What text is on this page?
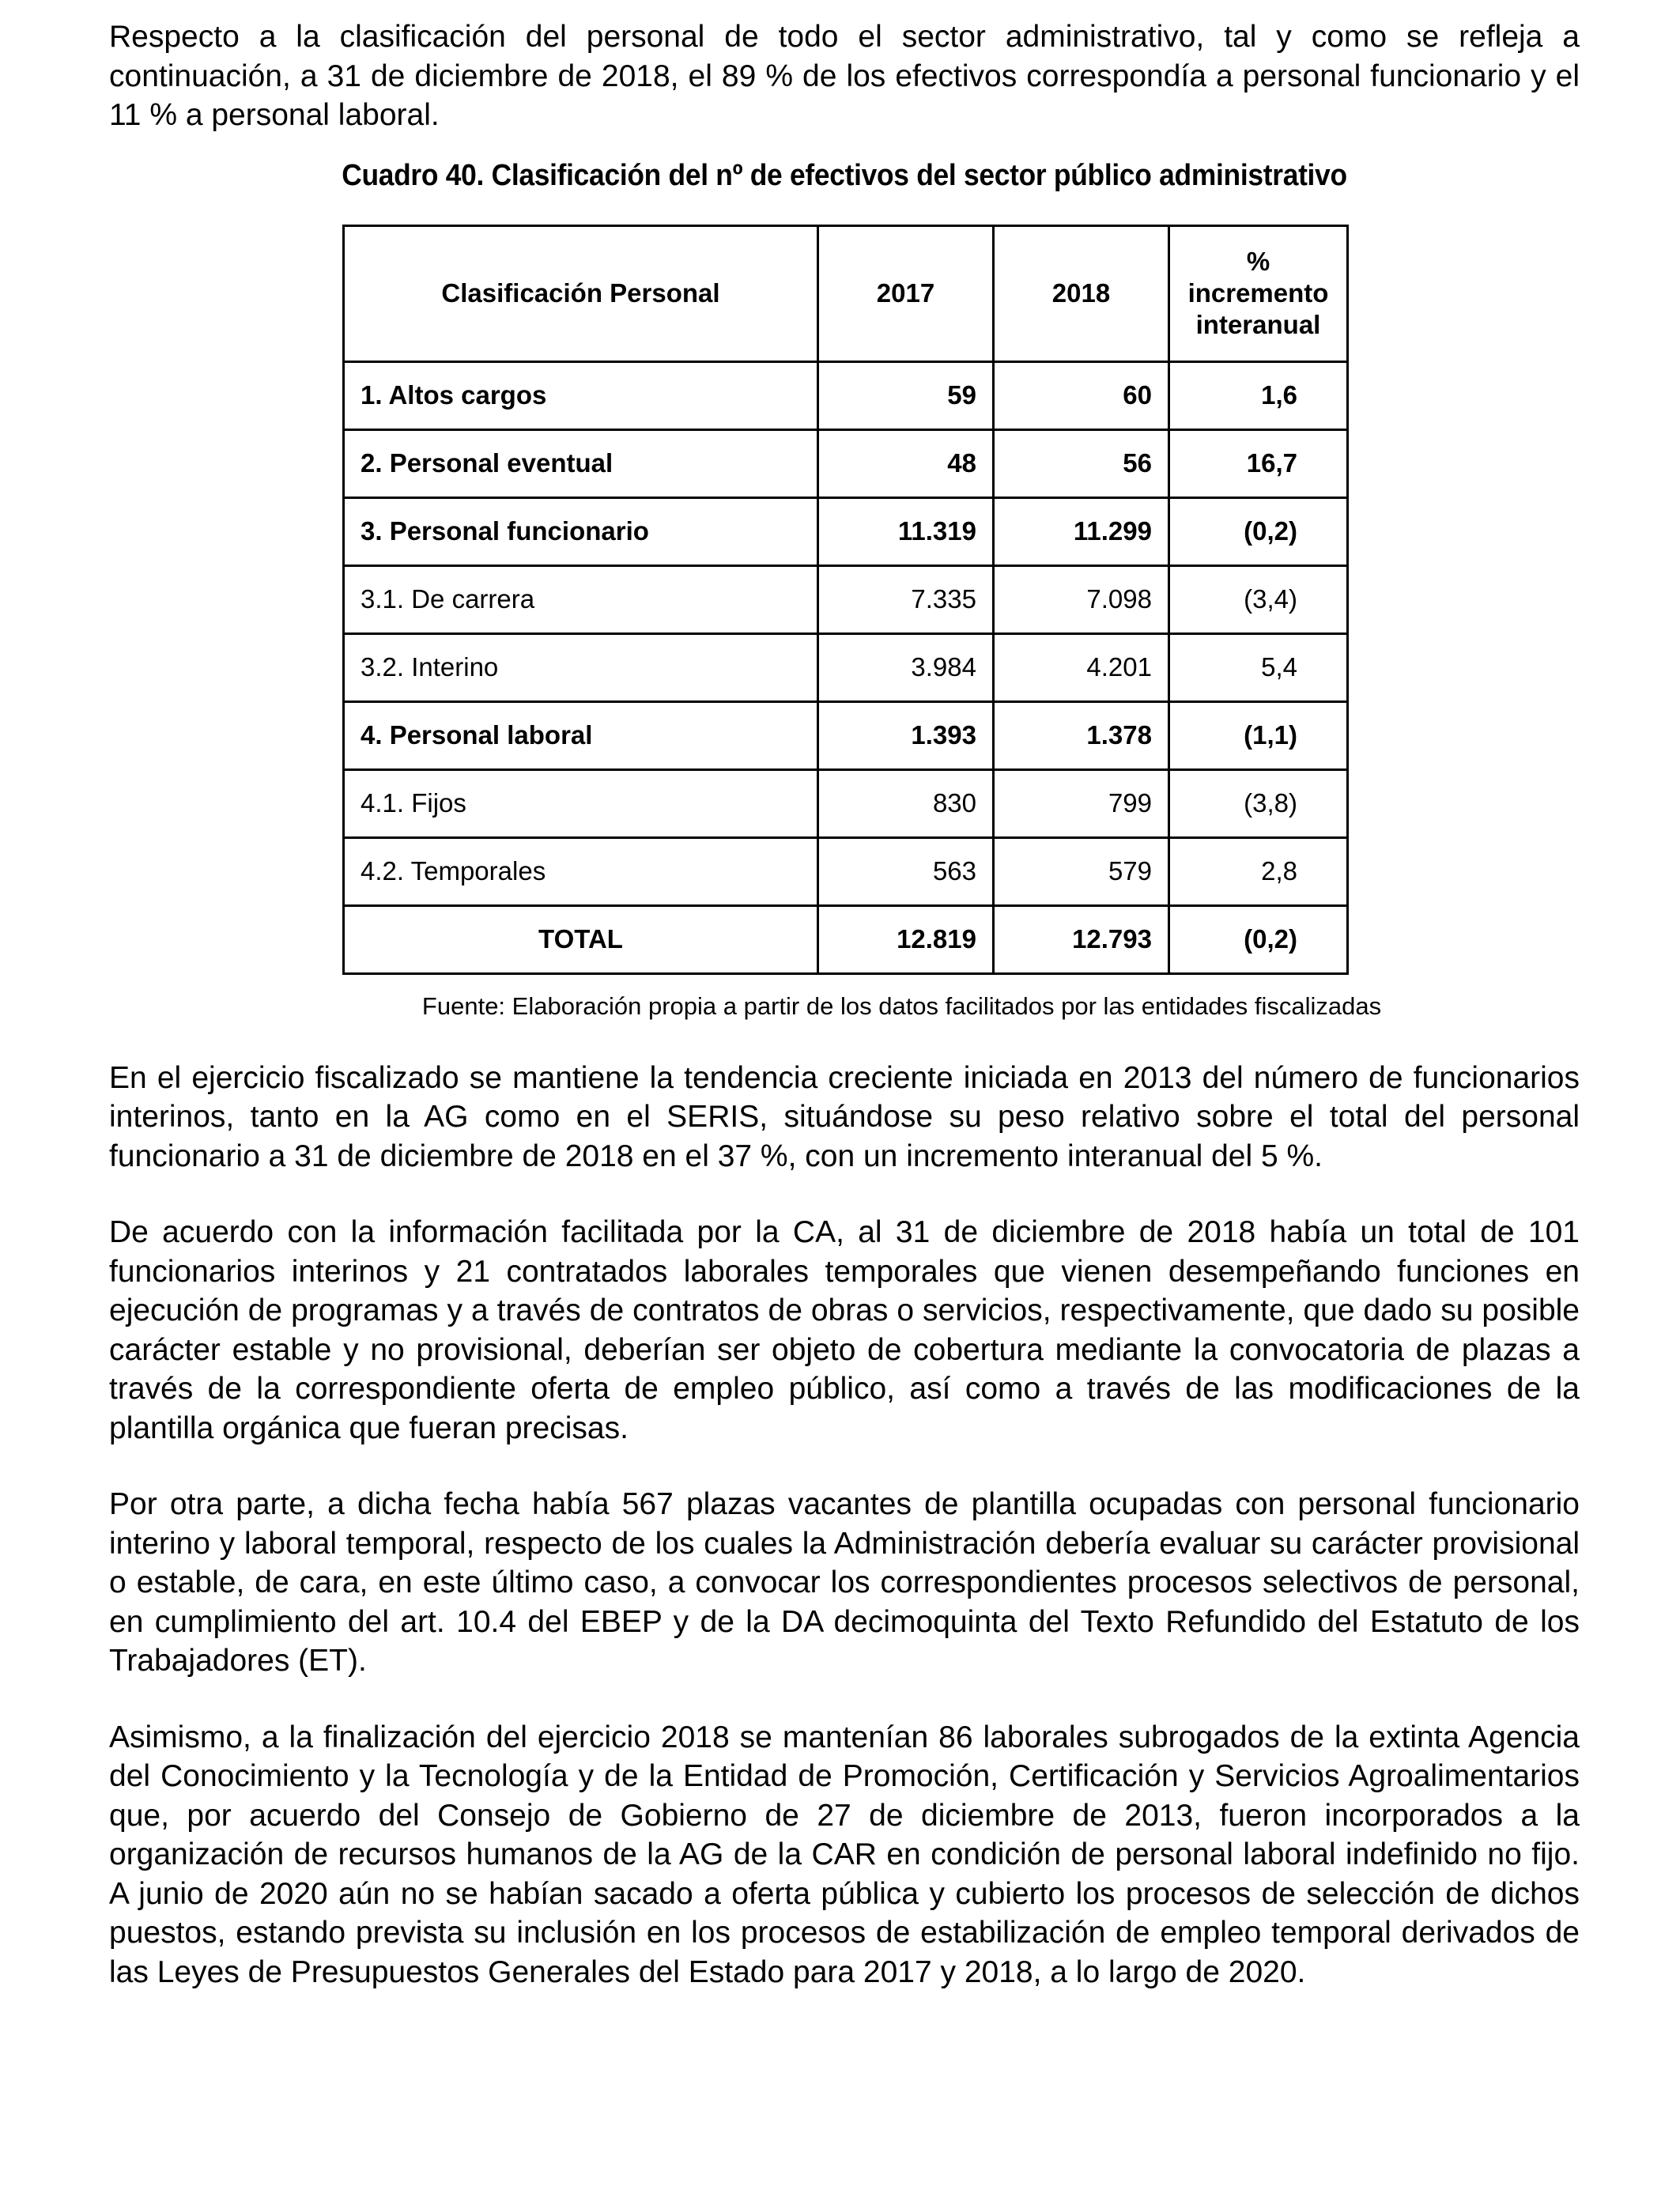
Respecto a la clasificación del personal de todo el sector administrativo, tal y como se refleja a continuación, a 31 de diciembre de 2018, el 89 % de los efectivos correspondía a personal funcionario y el 11 % a personal laboral.

Cuadro 40. Clasificación del nº de efectivos del sector público administrativo

Clasificación Personal	2017	2018	%
incremento
interanual

1. Altos cargos	59	60	1,6
2. Personal eventual	48	56	16,7
3. Personal funcionario	11.319	11.299	(0,2)
3.1. De carrera	7.335	7.098	(3,4)
3.2. Interino	3.984	4.201	5,4
4. Personal laboral	1.393	1.378	(1,1)
4.1. Fijos	830	799	(3,8)
4.2. Temporales	563	579	2,8
TOTAL	12.819	12.793	(0,2)

Fuente: Elaboración propia a partir de los datos facilitados por las entidades fiscalizadas

En el ejercicio fiscalizado se mantiene la tendencia creciente iniciada en 2013 del número de funcionarios interinos, tanto en la AG como en el SERIS, situándose su peso relativo sobre el total del personal funcionario a 31 de diciembre de 2018 en el 37 %, con un incremento interanual del 5 %.

De acuerdo con la información facilitada por la CA, al 31 de diciembre de 2018 había un total de 101 funcionarios interinos y 21 contratados laborales temporales que vienen desempeñando funciones en ejecución de programas y a través de contratos de obras o servicios, respectivamente, que dado su posible carácter estable y no provisional, deberían ser objeto de cobertura mediante la convocatoria de plazas a través de la correspondiente oferta de empleo público, así como a través de las modificaciones de la plantilla orgánica que fueran precisas.

Por otra parte, a dicha fecha había 567 plazas vacantes de plantilla ocupadas con personal funcionario interino y laboral temporal, respecto de los cuales la Administración debería evaluar su carácter provisional o estable, de cara, en este último caso, a convocar los correspondientes procesos selectivos de personal, en cumplimiento del art. 10.4 del EBEP y de la DA decimoquinta del Texto Refundido del Estatuto de los Trabajadores (ET).

Asimismo, a la finalización del ejercicio 2018 se mantenían 86 laborales subrogados de la extinta Agencia del Conocimiento y la Tecnología y de la Entidad de Promoción, Certificación y Servicios Agroalimentarios que, por acuerdo del Consejo de Gobierno de 27 de diciembre de 2013, fueron incorporados a la organización de recursos humanos de la AG de la CAR en condición de personal laboral indefinido no fijo. A junio de 2020 aún no se habían sacado a oferta pública y cubierto los procesos de selección de dichos puestos, estando prevista su inclusión en los procesos de estabilización de empleo temporal derivados de las Leyes de Presupuestos Generales del Estado para 2017 y 2018, a lo largo de 2020.
